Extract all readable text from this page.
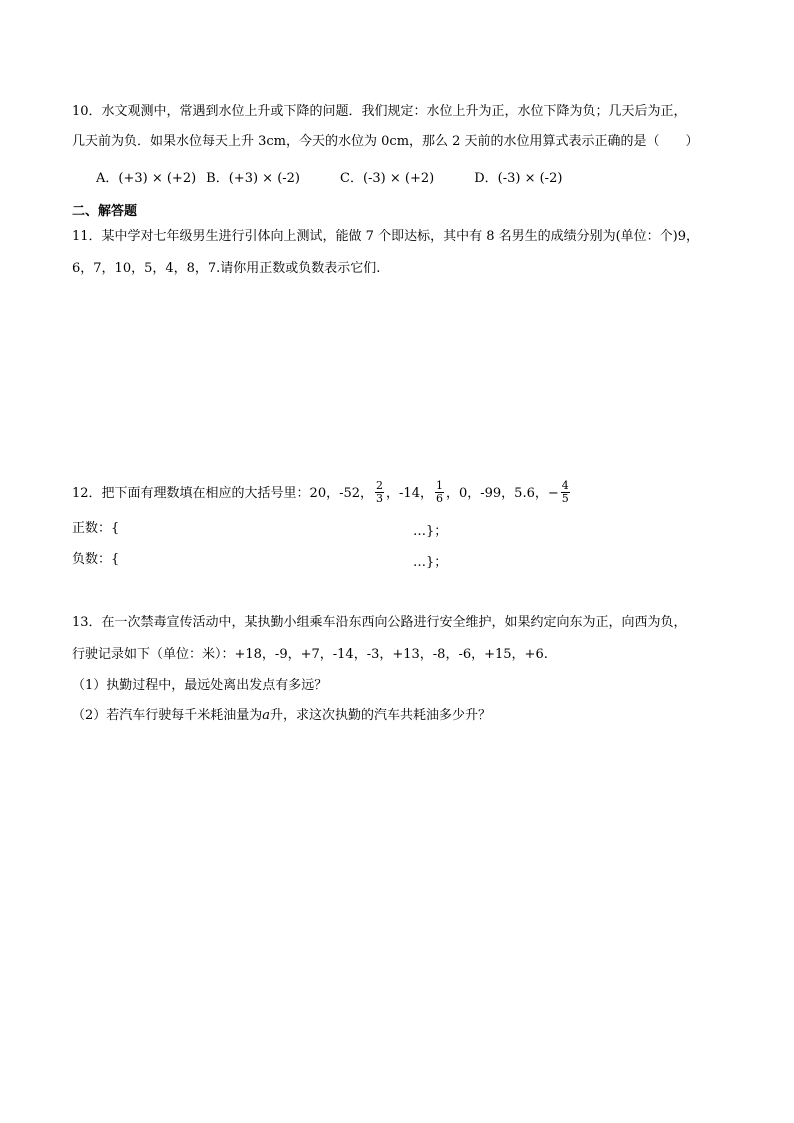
10．水文观测中，常遇到水位上升或下降的问题．我们规定：水位上升为正，水位下降为负；几天后为正，
几天前为负．如果水位每天上升 3cm，今天的水位为 0cm，那么 2 天前的水位用算式表示正确的是（　　）
A．(+3) × (+2) B．(+3) × (-2)	C．(-3) × (+2)	D．(-3) × (-2)
二、解答题
11．某中学对七年级男生进行引体向上测试，能做 7 个即达标，其中有 8 名男生的成绩分别为(单位：个)9，
6，7，10，5，4，8，7.请你用正数或负数表示它们.
12．把下面有理数填在相应的大括号里：20，-52， $\frac{2}{3}$ ，-14， $\frac{1}{6}$ ，0，-99，5.6，− $\frac{4}{5}$
正数：{	…}；
负数：{	…}；
13．在一次禁毒宣传活动中，某执勤小组乘车沿东西向公路进行安全维护，如果约定向东为正，向西为负，
行驶记录如下（单位：米）：+18，-9，+7，-14，-3，+13，-8，-6，+15，+6.
（1）执勤过程中，最远处离出发点有多远？
（2）若汽车行驶每千米耗油量为a升，求这次执勤的汽车共耗油多少升？
